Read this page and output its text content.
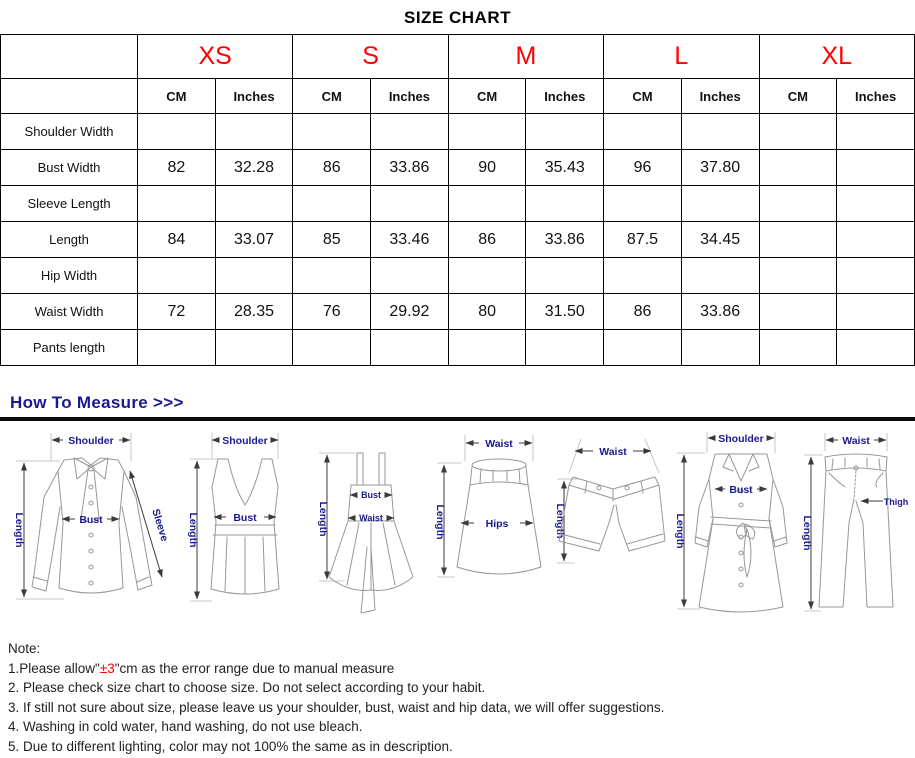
SIZE CHART
	XS		S		M		L		XL	
	CM	Inches	CM	Inches	CM	Inches	CM	Inches	CM	Inches
Shoulder Width										
Bust Width	82	32.28	86	33.86	90	35.43	96	37.80		
Sleeve Length										
Length	84	33.07	85	33.46	86	33.86	87.5	34.45		
Hip Width										
Waist Width	72	28.35	76	29.92	80	31.50	86	33.86		
Pants length										
How To Measure >>>
Shoulder
Length	Bust	Sleeve
Shoulder
Length	Bust	Length
Bust
Waist
Waist
Length	Hips
Waist
Length
Shoulder
Length
Bust
Waist
Length
Thigh
Note:
1.Please allow"±3"cm as the error range due to manual measure
2. Please check size chart to choose size. Do not select according to your habit.
3. If still not sure about size, please leave us your shoulder, bust, waist and hip data, we will offer suggestions.
4. Washing in cold water, hand washing, do not use bleach.
5. Due to different lighting, color may not 100% the same as in description.
